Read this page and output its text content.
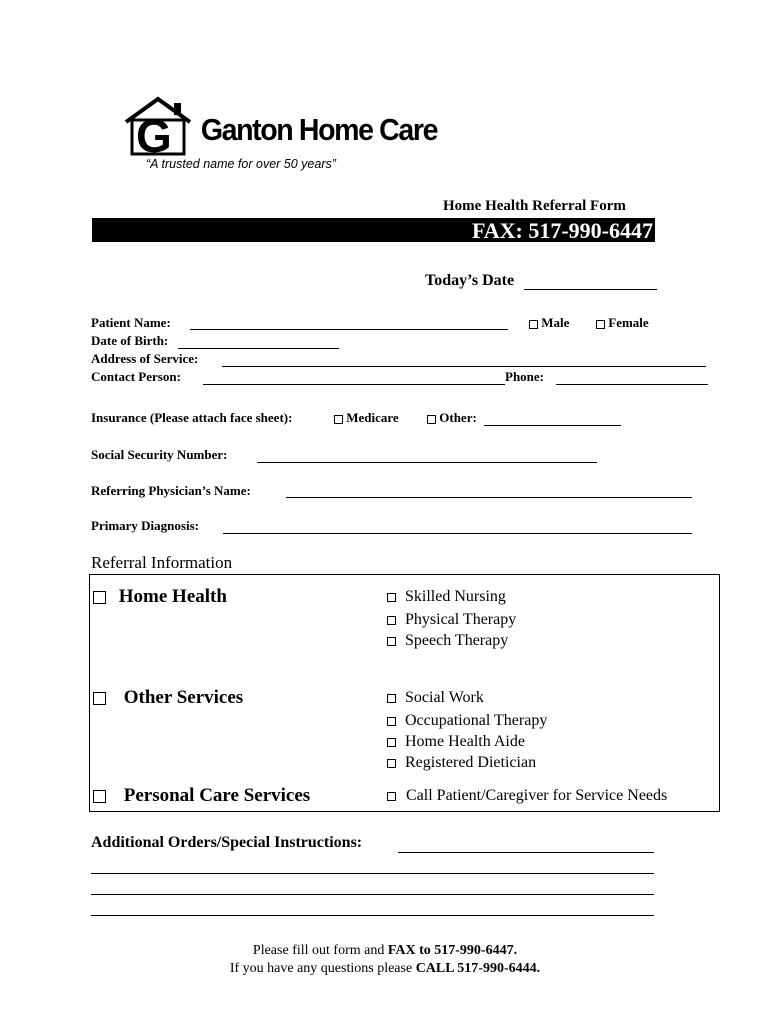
G Ganton Home Care
“A trusted name for over 50 years”
Home Health Referral Form
FAX: 517-990-6447
Today’s Date
Patient Name:	Male	Female
Date of Birth:
Address of Service:
Contact Person:	Phone:
Insurance (Please attach face sheet):	Medicare	Other:
Social Security Number:
Referring Physician’s Name:
Primary Diagnosis:
Referral Information
Home Health	Skilled Nursing
Physical Therapy
Speech Therapy
Other Services	Social Work
Occupational Therapy
Home Health Aide
Registered Dietician
Personal Care Services	Call Patient/Caregiver for Service Needs
Additional Orders/Special Instructions:
Please fill out form and FAX to 517-990-6447.
If you have any questions please CALL 517-990-6444.
